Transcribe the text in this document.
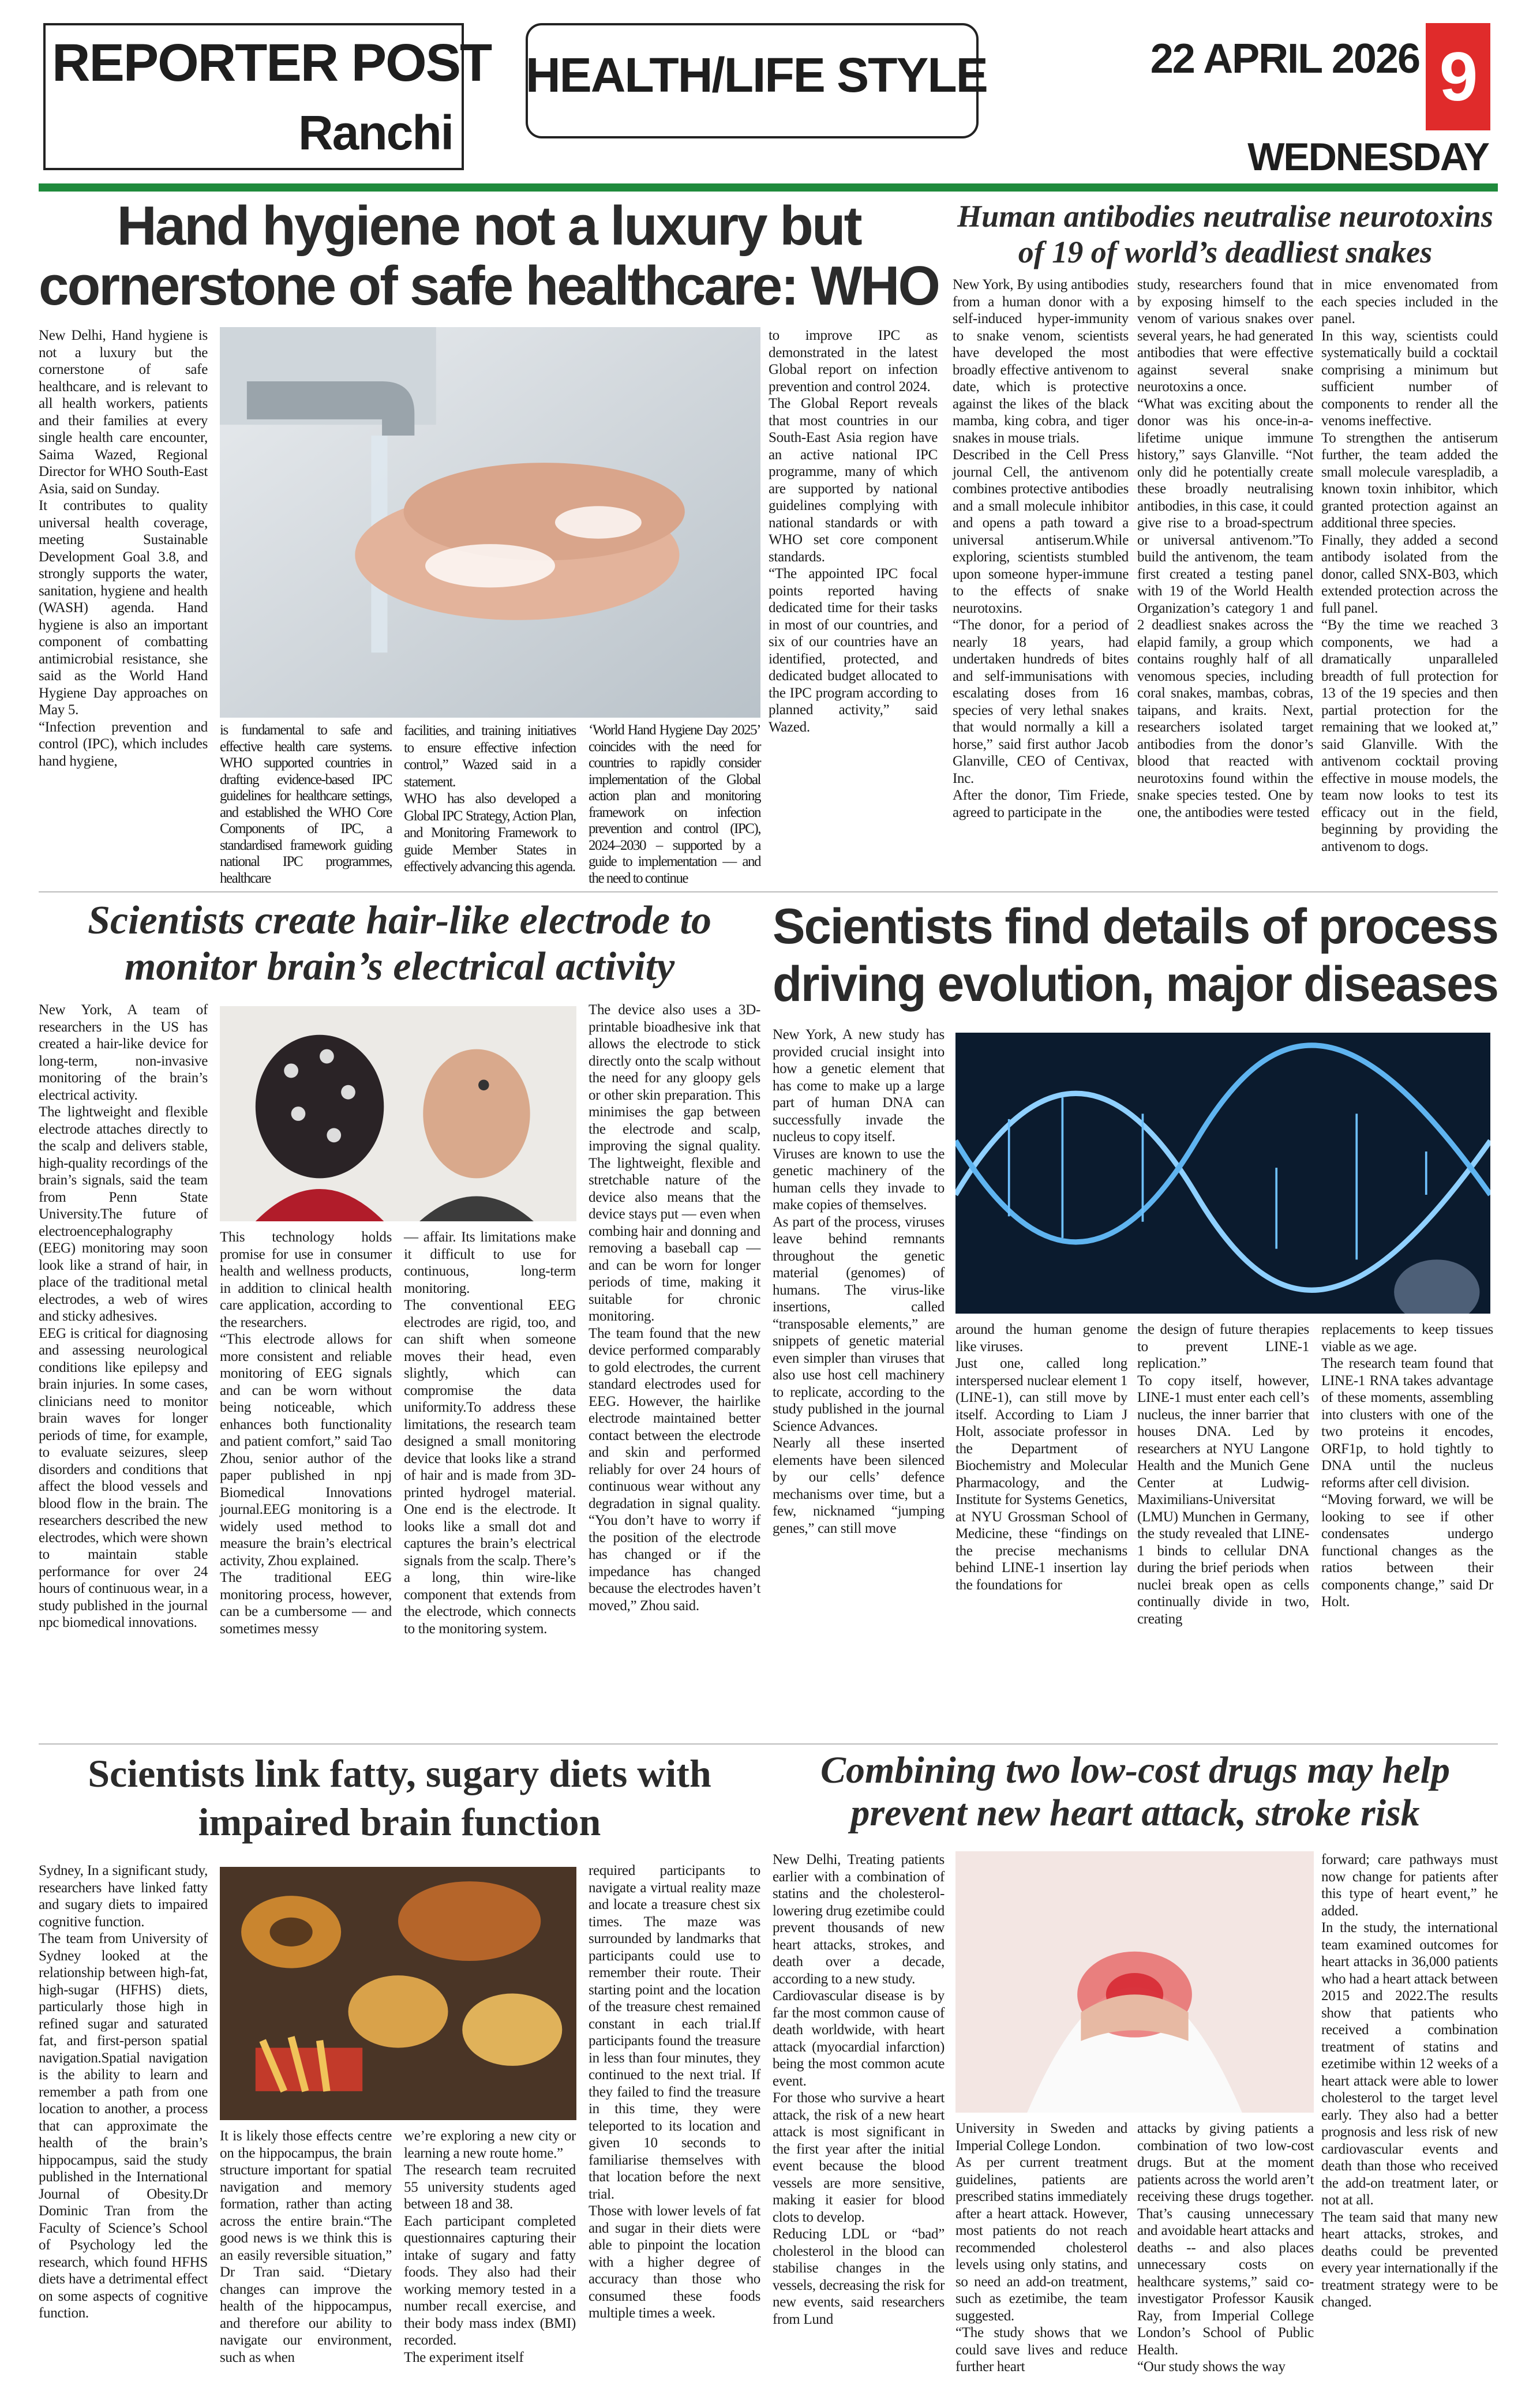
REPORTER POST
Ranchi
HEALTH/LIFE STYLE	22 APRIL 2026 9
WEDNESDAY
Hand hygiene not a luxury but
cornerstone of safe healthcare: WHO
New Delhi, Hand hygiene is not a luxury but the cornerstone of safe healthcare, and is relevant to all health workers, patients and their families at every single health care encounter, Saima Wazed, Regional Director for WHO South-East Asia, said on Sunday.
It contributes to quality universal health coverage, meeting Sustainable Development Goal 3.8, and strongly supports the water, sanitation, hygiene and health (WASH) agenda. Hand hygiene is also an important component of combatting antimicrobial resistance, she said as the World Hand Hygiene Day approaches on May 5.
“Infection prevention and control (IPC), which includes hand hygiene,
is fundamental to safe and effective health care systems. WHO supported countries in drafting evidence-based IPC guidelines for healthcare settings, and established the WHO Core Components of IPC, a standardised framework guiding national IPC programmes, healthcare
facilities, and training initiatives to ensure effective infection control,” Wazed said in a statement.
WHO has also developed a Global IPC Strategy, Action Plan, and Monitoring Framework to guide Member States in effectively advancing this agenda.
‘World Hand Hygiene Day 2025’ coincides with the need for countries to rapidly consider implementation of the Global action plan and monitoring framework on infection prevention and control (IPC), 2024–2030 – supported by a guide to implementation — and the need to continue
to improve IPC as demonstrated in the latest Global report on infection prevention and control 2024.
The Global Report reveals that most countries in our South-East Asia region have an active national IPC programme, many of which are supported by national guidelines complying with national standards or with WHO set core component standards.
“The appointed IPC focal points reported having dedicated time for their tasks in most of our countries, and six of our countries have an identified, protected, and dedicated budget allocated to the IPC program according to planned activity,” said Wazed.
Human antibodies neutralise neurotoxins
of 19 of world’s deadliest snakes
New York, By using antibodies from a human donor with a self-induced hyper-immunity to snake venom, scientists have developed the most broadly effective antivenom to date, which is protective against the likes of the black mamba, king cobra, and tiger snakes in mouse trials.
Described in the Cell Press journal Cell, the antivenom combines protective antibodies and a small molecule inhibitor and opens a path toward a universal antiserum.While exploring, scientists stumbled upon someone hyper-immune to the effects of snake neurotoxins.
“The donor, for a period of nearly 18 years, had undertaken hundreds of bites and self-immunisations with escalating doses from 16 species of very lethal snakes that would normally a kill a horse,” said first author Jacob Glanville, CEO of Centivax, Inc.
After the donor, Tim Friede, agreed to participate in the
study, researchers found that by exposing himself to the venom of various snakes over several years, he had generated antibodies that were effective against several snake neurotoxins a once.
“What was exciting about the donor was his once-in-a-lifetime unique immune history,” says Glanville. “Not only did he potentially create these broadly neutralising antibodies, in this case, it could give rise to a broad-spectrum or universal antivenom.”To build the antivenom, the team first created a testing panel with 19 of the World Health Organization’s category 1 and 2 deadliest snakes across the elapid family, a group which contains roughly half of all venomous species, including coral snakes, mambas, cobras, taipans, and kraits. Next, researchers isolated target antibodies from the donor’s blood that reacted with neurotoxins found within the snake species tested. One by one, the antibodies were tested
in mice envenomated from each species included in the panel.
In this way, scientists could systematically build a cocktail comprising a minimum but sufficient number of components to render all the venoms ineffective.
To strengthen the antiserum further, the team added the small molecule varespladib, a known toxin inhibitor, which granted protection against an additional three species.
Finally, they added a second antibody isolated from the donor, called SNX-B03, which extended protection across the full panel.
“By the time we reached 3 components, we had a dramatically unparalleled breadth of full protection for 13 of the 19 species and then partial protection for the remaining that we looked at,” said Glanville. With the antivenom cocktail proving effective in mouse models, the team now looks to test its efficacy out in the field, beginning by providing the antivenom to dogs.
Scientists create hair-like electrode to
monitor brain’s electrical activity
New York, A team of researchers in the US has created a hair-like device for long-term, non-invasive monitoring of the brain’s electrical activity.
The lightweight and flexible electrode attaches directly to the scalp and delivers stable, high-quality recordings of the brain’s signals, said the team from Penn State University.The future of electroencephalography (EEG) monitoring may soon look like a strand of hair, in place of the traditional metal electrodes, a web of wires and sticky adhesives.
EEG is critical for diagnosing and assessing neurological conditions like epilepsy and brain injuries. In some cases, clinicians need to monitor brain waves for longer periods of time, for example, to evaluate seizures, sleep disorders and conditions that affect the blood vessels and blood flow in the brain. The researchers described the new electrodes, which were shown to maintain stable performance for over 24 hours of continuous wear, in a study published in the journal npc biomedical innovations.
This technology holds promise for use in consumer health and wellness products, in addition to clinical health care application, according to the researchers.
“This electrode allows for more consistent and reliable monitoring of EEG signals and can be worn without being noticeable, which enhances both functionality and patient comfort,” said Tao Zhou, senior author of the paper published in npj Biomedical Innovations journal.EEG monitoring is a widely used method to measure the brain’s electrical activity, Zhou explained.
The traditional EEG monitoring process, however, can be a cumbersome — and sometimes messy
— affair. Its limitations make it difficult to use for continuous, long-term monitoring.
The conventional EEG electrodes are rigid, too, and can shift when someone moves their head, even slightly, which can compromise the data uniformity.To address these limitations, the research team designed a small monitoring device that looks like a strand of hair and is made from 3D-printed hydrogel material. One end is the electrode. It looks like a small dot and captures the brain’s electrical signals from the scalp. There’s a long, thin wire-like component that extends from the electrode, which connects to the monitoring system.
The device also uses a 3D-printable bioadhesive ink that allows the electrode to stick directly onto the scalp without the need for any gloopy gels or other skin preparation. This minimises the gap between the electrode and scalp, improving the signal quality. The lightweight, flexible and stretchable nature of the device also means that the device stays put — even when combing hair and donning and removing a baseball cap — and can be worn for longer periods of time, making it suitable for chronic monitoring.
The team found that the new device performed comparably to gold electrodes, the current standard electrodes used for EEG. However, the hairlike electrode maintained better contact between the electrode and skin and performed reliably for over 24 hours of continuous wear without any degradation in signal quality. “You don’t have to worry if the position of the electrode has changed or if the impedance has changed because the electrodes haven’t moved,” Zhou said.
Scientists find details of process
driving evolution, major diseases
New York, A new study has provided crucial insight into how a genetic element that has come to make up a large part of human DNA can successfully invade the nucleus to copy itself.
Viruses are known to use the genetic machinery of the human cells they invade to make copies of themselves.
As part of the process, viruses leave behind remnants throughout the genetic material (genomes) of humans. The virus-like insertions, called “transposable elements,” are snippets of genetic material even simpler than viruses that also use host cell machinery to replicate, according to the study published in the journal Science Advances.
Nearly all these inserted elements have been silenced by our cells’ defence mechanisms over time, but a few, nicknamed “jumping genes,” can still move
around the human genome like viruses.
Just one, called long interspersed nuclear element 1 (LINE-1), can still move by itself. According to Liam J Holt, associate professor in the Department of Biochemistry and Molecular Pharmacology, and the Institute for Systems Genetics, at NYU Grossman School of Medicine, these “findings on the precise mechanisms behind LINE-1 insertion lay the foundations for
the design of future therapies to prevent LINE-1 replication.”
To copy itself, however, LINE-1 must enter each cell’s nucleus, the inner barrier that houses DNA. Led by researchers at NYU Langone Health and the Munich Gene Center at Ludwig-Maximilians-Universitat (LMU) Munchen in Germany, the study revealed that LINE-1 binds to cellular DNA during the brief periods when nuclei break open as cells continually divide in two, creating
replacements to keep tissues viable as we age.
The research team found that LINE-1 RNA takes advantage of these moments, assembling into clusters with one of the two proteins it encodes, ORF1p, to hold tightly to DNA until the nucleus reforms after cell division.
“Moving forward, we will be looking to see if other condensates undergo functional changes as the ratios between their components change,” said Dr Holt.
Scientists link fatty, sugary diets with
impaired brain function
Sydney, In a significant study, researchers have linked fatty and sugary diets to impaired cognitive function.
The team from University of Sydney looked at the relationship between high-fat, high-sugar (HFHS) diets, particularly those high in refined sugar and saturated fat, and first-person spatial navigation.Spatial navigation is the ability to learn and remember a path from one location to another, a process that can approximate the health of the brain’s hippocampus, said the study published in the International Journal of Obesity.Dr Dominic Tran from the Faculty of Science’s School of Psychology led the research, which found HFHS diets have a detrimental effect on some aspects of cognitive function.
It is likely those effects centre on the hippocampus, the brain structure important for spatial navigation and memory formation, rather than acting across the entire brain.“The good news is we think this is an easily reversible situation,” Dr Tran said. “Dietary changes can improve the health of the hippocampus, and therefore our ability to navigate our environment, such as when
we’re exploring a new city or learning a new route home.”
The research team recruited 55 university students aged between 18 and 38.
Each participant completed questionnaires capturing their intake of sugary and fatty foods. They also had their working memory tested in a number recall exercise, and their body mass index (BMI) recorded.
The experiment itself
required participants to navigate a virtual reality maze and locate a treasure chest six times. The maze was surrounded by landmarks that participants could use to remember their route. Their starting point and the location of the treasure chest remained constant in each trial.If participants found the treasure in less than four minutes, they continued to the next trial. If they failed to find the treasure in this time, they were teleported to its location and given 10 seconds to familiarise themselves with that location before the next trial.
Those with lower levels of fat and sugar in their diets were able to pinpoint the location with a higher degree of accuracy than those who consumed these foods multiple times a week.
Combining two low-cost drugs may help
prevent new heart attack, stroke risk
New Delhi, Treating patients earlier with a combination of statins and the cholesterol-lowering drug ezetimibe could prevent thousands of new heart attacks, strokes, and death over a decade, according to a new study.
Cardiovascular disease is by far the most common cause of death worldwide, with heart attack (myocardial infarction) being the most common acute event.
For those who survive a heart attack, the risk of a new heart attack is most significant in the first year after the initial event because the blood vessels are more sensitive, making it easier for blood clots to develop.
Reducing LDL or “bad” cholesterol in the blood can stabilise changes in the vessels, decreasing the risk for new events, said researchers from Lund
University in Sweden and Imperial College London.
As per current treatment guidelines, patients are prescribed statins immediately after a heart attack. However, most patients do not reach recommended cholesterol levels using only statins, and so need an add-on treatment, such as ezetimibe, the team suggested.
“The study shows that we could save lives and reduce further heart
attacks by giving patients a combination of two low-cost drugs. But at the moment patients across the world aren’t receiving these drugs together. That’s causing unnecessary and avoidable heart attacks and deaths -- and also places unnecessary costs on healthcare systems,” said co-investigator Professor Kausik Ray, from Imperial College London’s School of Public Health.
“Our study shows the way
forward; care pathways must now change for patients after this type of heart event,” he added.
In the study, the international team examined outcomes for heart attacks in 36,000 patients who had a heart attack between 2015 and 2022.The results show that patients who received a combination treatment of statins and ezetimibe within 12 weeks of a heart attack were able to lower cholesterol to the target level early. They also had a better prognosis and less risk of new cardiovascular events and death than those who received the add-on treatment later, or not at all.
The team said that many new heart attacks, strokes, and deaths could be prevented every year internationally if the treatment strategy were to be changed.
